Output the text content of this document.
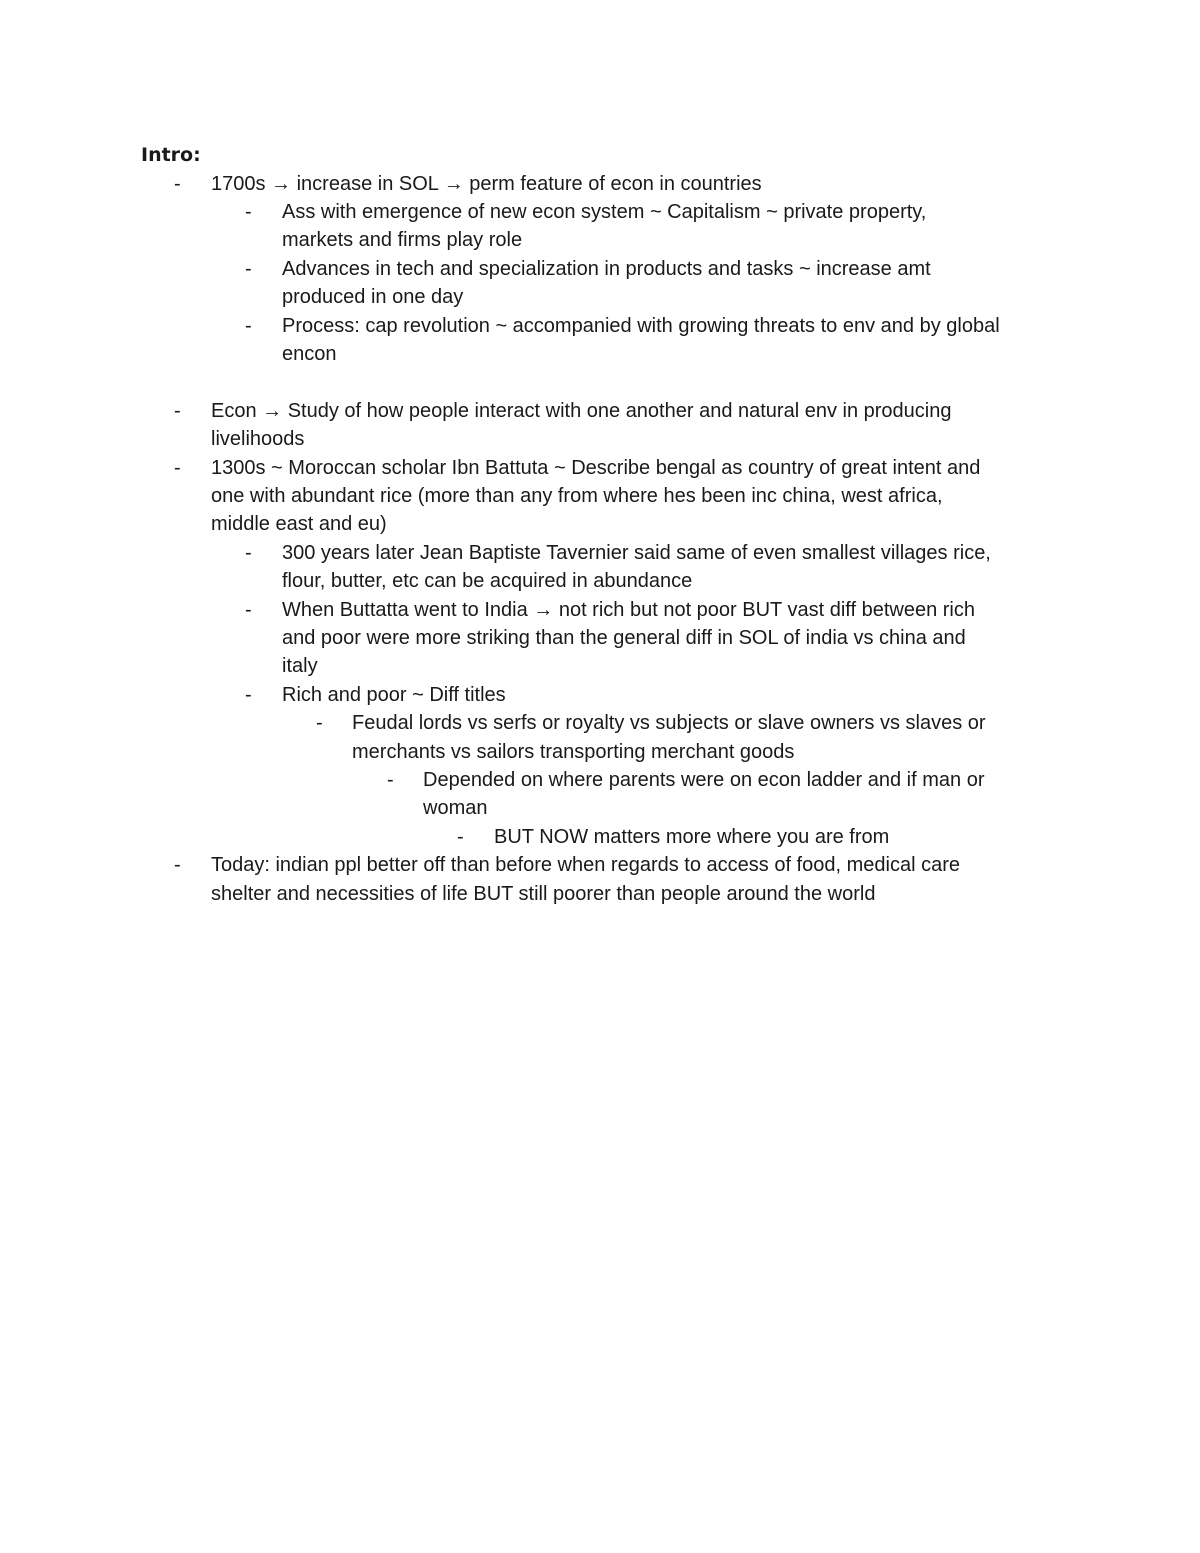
Intro:

- 1700s → increase in SOL → perm feature of econ in countries

- Ass with emergence of new econ system ~ Capitalism ~ private property,

markets and firms play role

- Advances in tech and specialization in products and tasks ~ increase amt

produced in one day

- Process: cap revolution ~ accompanied with growing threats to env and by global

encon

- Econ → Study of how people interact with one another and natural env in producing

livelihoods

- 1300s ~ Moroccan scholar Ibn Battuta ~ Describe bengal as country of great intent and

one with abundant rice (more than any from where hes been inc china, west africa,

middle east and eu)

- 300 years later Jean Baptiste Tavernier said same of even smallest villages rice,

flour, butter, etc can be acquired in abundance

- When Buttatta went to India → not rich but not poor BUT vast diff between rich

and poor were more striking than the general diff in SOL of india vs china and

italy

- Rich and poor ~ Diff titles

- Feudal lords vs serfs or royalty vs subjects or slave owners vs slaves or

merchants vs sailors transporting merchant goods

- Depended on where parents were on econ ladder and if man or

woman

- BUT NOW matters more where you are from

- Today: indian ppl better off than before when regards to access of food, medical care

shelter and necessities of life BUT still poorer than people around the world
